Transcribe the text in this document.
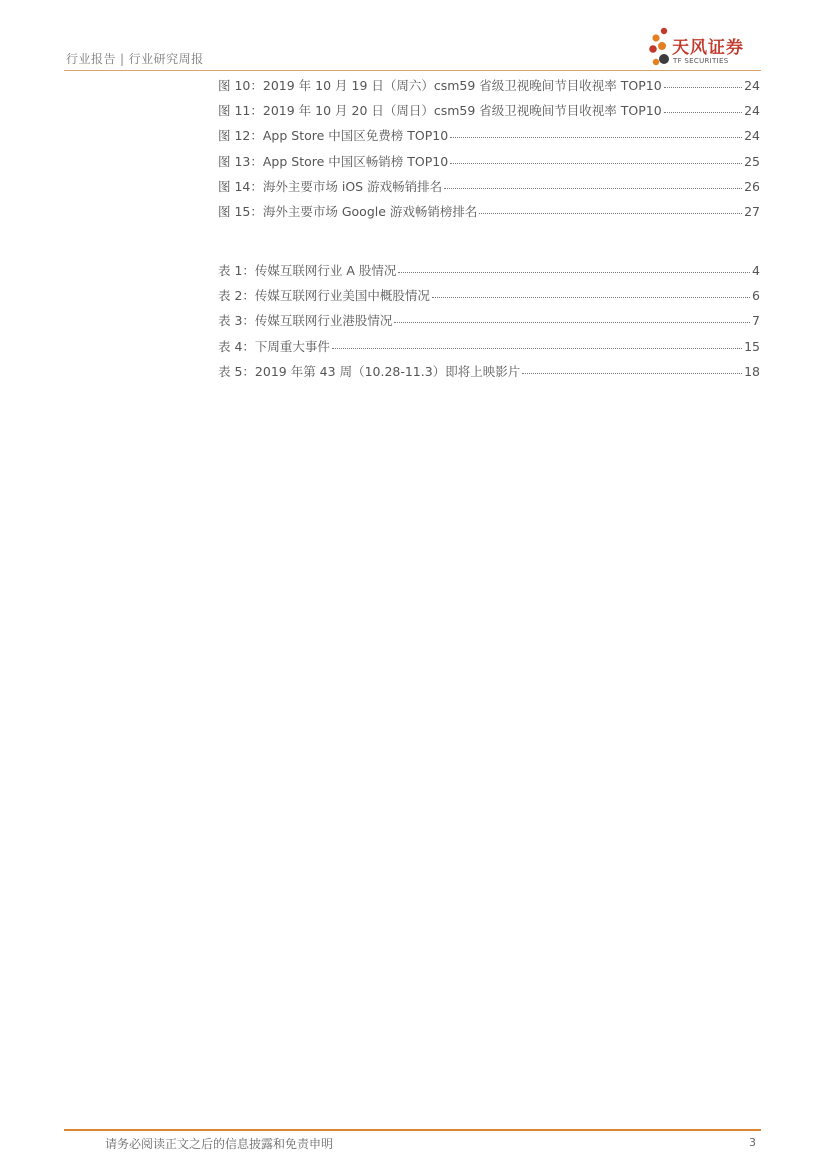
行业报告 | 行业研究周报
天风证券
TF SECURITIES
图 10：2019 年 10 月 19 日（周六）csm59 省级卫视晚间节目收视率 TOP10	24
图 11：2019 年 10 月 20 日（周日）csm59 省级卫视晚间节目收视率 TOP10	24
图 12：App Store 中国区免费榜 TOP10	24
图 13：App Store 中国区畅销榜 TOP10	25
图 14：海外主要市场 iOS 游戏畅销排名	26
图 15：海外主要市场 Google 游戏畅销榜排名	27
表 1：传媒互联网行业 A 股情况	4
表 2：传媒互联网行业美国中概股情况	6
表 3：传媒互联网行业港股情况	7
表 4：下周重大事件	15
表 5：2019 年第 43 周（10.28-11.3）即将上映影片	18
请务必阅读正文之后的信息披露和免责申明	3
